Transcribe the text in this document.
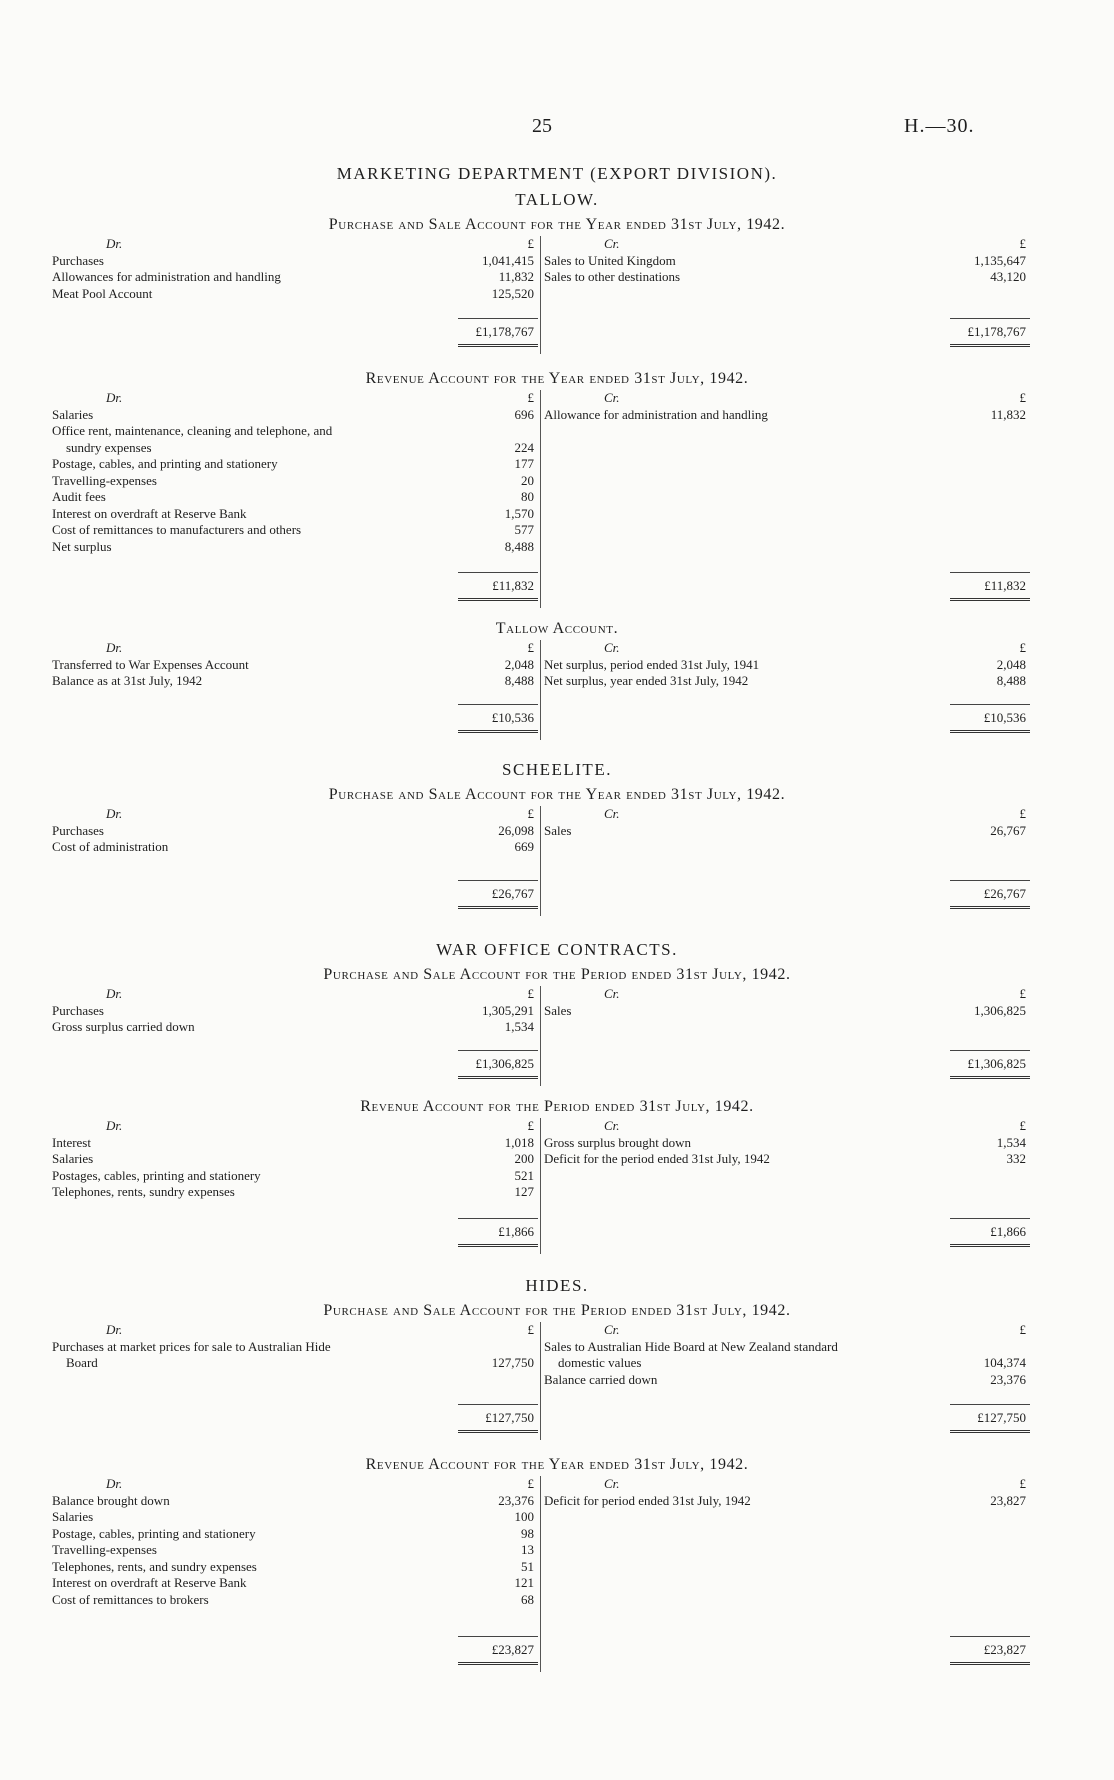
25	H.—30.
MARKETING DEPARTMENT (EXPORT DIVISION).
TALLOW.
Purchase and Sale Account for the Year ended 31st July, 1942.
Dr.	£
Purchases	1,041,415
Allowances for administration and handling	11,832
Meat Pool Account	125,520
£1,178,767
Cr.	£
Sales to United Kingdom	1,135,647
Sales to other destinations	43,120
£1,178,767
Revenue Account for the Year ended 31st July, 1942.
Dr.	£
Salaries	696
Office rent, maintenance, cleaning and telephone, and
sundry expenses	224
Postage, cables, and printing and stationery	177
Travelling-expenses	20
Audit fees	80
Interest on overdraft at Reserve Bank	1,570
Cost of remittances to manufacturers and others	577
Net surplus	8,488
£11,832
Cr.	£
Allowance for administration and handling	11,832
£11,832
Tallow Account.
Dr.	£
Transferred to War Expenses Account	2,048
Balance as at 31st July, 1942	8,488
£10,536
Cr.	£
Net surplus, period ended 31st July, 1941	2,048
Net surplus, year ended 31st July, 1942	8,488
£10,536
SCHEELITE.
Purchase and Sale Account for the Year ended 31st July, 1942.
Dr.	£
Purchases	26,098
Cost of administration	669
£26,767
Cr.	£
Sales	26,767
£26,767
WAR OFFICE CONTRACTS.
Purchase and Sale Account for the Period ended 31st July, 1942.
Dr.	£
Purchases	1,305,291
Gross surplus carried down	1,534
£1,306,825
Cr.	£
Sales	1,306,825
£1,306,825
Revenue Account for the Period ended 31st July, 1942.
Dr.	£
Interest	1,018
Salaries	200
Postages, cables, printing and stationery	521
Telephones, rents, sundry expenses	127
£1,866
Cr.	£
Gross surplus brought down	1,534
Deficit for the period ended 31st July, 1942	332
£1,866
HIDES.
Purchase and Sale Account for the Period ended 31st July, 1942.
Dr.	£
Purchases at market prices for sale to Australian Hide
Board	127,750
£127,750
Cr.	£
Sales to Australian Hide Board at New Zealand standard
domestic values	104,374
Balance carried down	23,376
£127,750
Revenue Account for the Year ended 31st July, 1942.
Dr.	£
Balance brought down	23,376
Salaries	100
Postage, cables, printing and stationery	98
Travelling-expenses	13
Telephones, rents, and sundry expenses	51
Interest on overdraft at Reserve Bank	121
Cost of remittances to brokers	68
£23,827
Cr.	£
Deficit for period ended 31st July, 1942	23,827
£23,827
